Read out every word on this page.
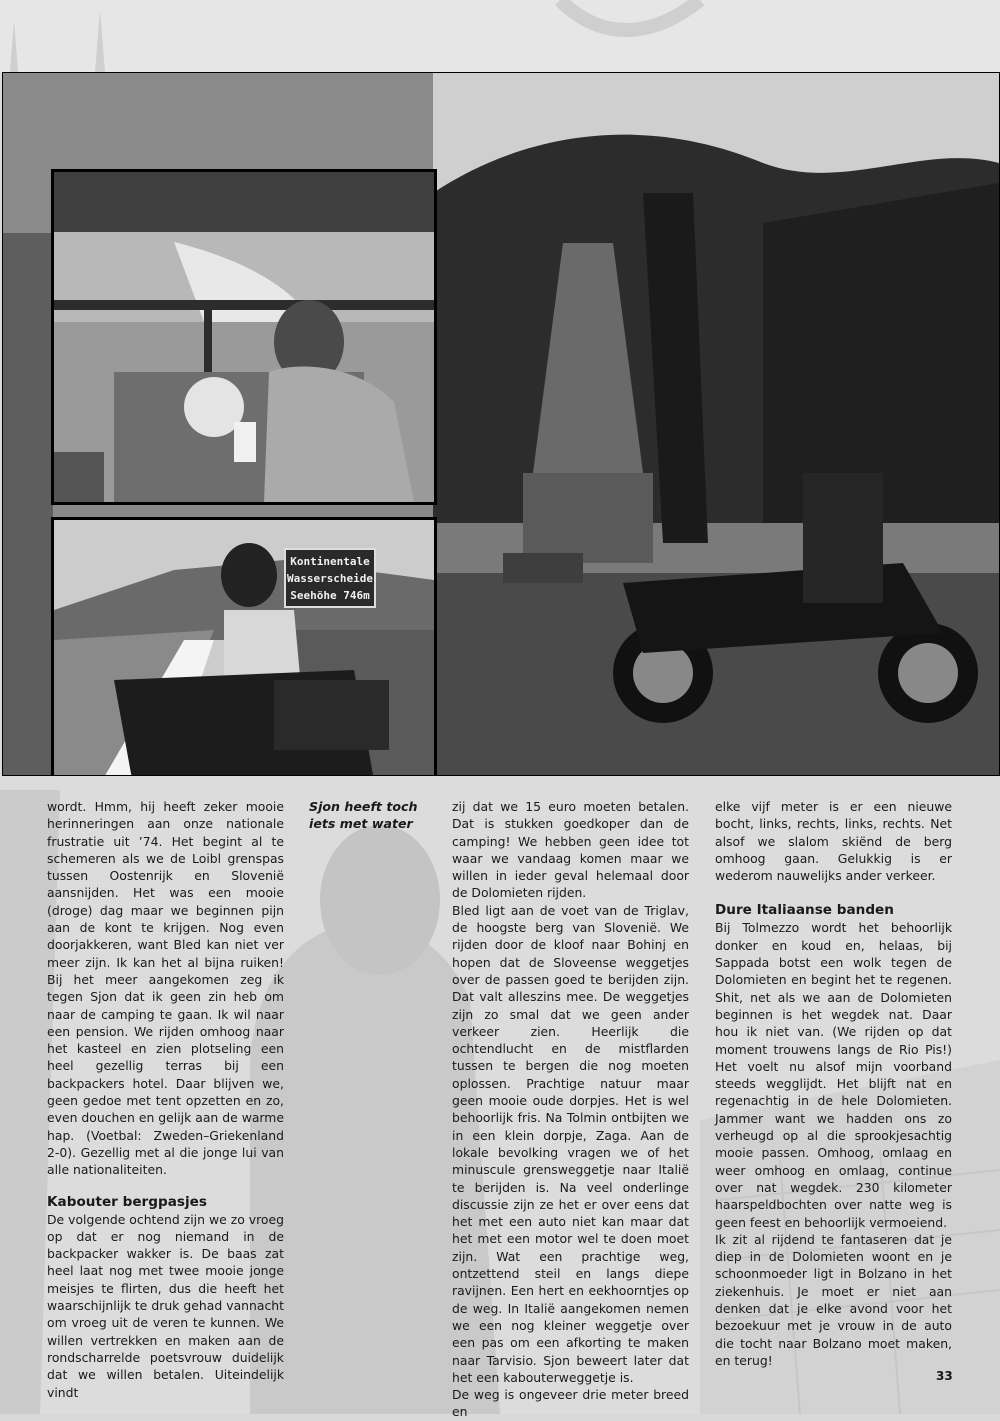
Kontinentale
Wasserscheide
Seehöhe 746m

wordt. Hmm, hij heeft zeker mooie herinneringen aan onze nationale frustratie uit ’74. Het begint al te schemeren als we de Loibl grenspas tussen Oostenrijk en Slovenië aansnijden. Het was een mooie (droge) dag maar we beginnen pijn aan de kont te krijgen. Nog even doorjakkeren, want Bled kan niet ver meer zijn. Ik kan het al bijna ruiken! Bij het meer aangekomen zeg ik tegen Sjon dat ik geen zin heb om naar de camping te gaan. Ik wil naar een pension. We rijden omhoog naar het kasteel en zien plotseling een heel gezellig terras bij een backpackers hotel. Daar blijven we, geen gedoe met tent opzetten en zo, even douchen en gelijk aan de warme hap. (Voetbal: Zweden–Griekenland 2-0). Gezellig met al die jonge lui van alle nationaliteiten.

Kabouter bergpasjes

De volgende ochtend zijn we zo vroeg op dat er nog niemand in de backpacker wakker is. De baas zat heel laat nog met twee mooie jonge meisjes te flirten, dus die heeft het waarschijnlijk te druk gehad vannacht om vroeg uit de veren te kunnen. We willen vertrekken en maken aan de rondscharrelde poetsvrouw duidelijk dat we willen betalen. Uiteindelijk vindt

Sjon heeft toch iets met water

zij dat we 15 euro moeten betalen. Dat is stukken goedkoper dan de camping! We hebben geen idee tot waar we vandaag komen maar we willen in ieder geval helemaal door de Dolomieten rijden.

Bled ligt aan de voet van de Triglav, de hoogste berg van Slovenië. We rijden door de kloof naar Bohinj en hopen dat de Sloveense weggetjes over de passen goed te berijden zijn. Dat valt alleszins mee. De weggetjes zijn zo smal dat we geen ander verkeer zien. Heerlijk die ochtendlucht en de mistflarden tussen te bergen die nog moeten oplossen. Prachtige natuur maar geen mooie oude dorpjes. Het is wel behoorlijk fris. Na Tolmin ontbijten we in een klein dorpje, Zaga. Aan de lokale bevolking vragen we of het minuscule grensweggetje naar Italië te berijden is. Na veel onderlinge discussie zijn ze het er over eens dat het met een auto niet kan maar dat het met een motor wel te doen moet zijn. Wat een prachtige weg, ontzettend steil en langs diepe ravijnen. Een hert en eekhoorntjes op de weg. In Italië aangekomen nemen we een nog kleiner weggetje over een pas om een afkorting te maken naar Tarvisio. Sjon beweert later dat het een kabouterweggetje is.

De weg is ongeveer drie meter breed en

elke vijf meter is er een nieuwe bocht, links, rechts, links, rechts. Net alsof we slalom skiënd de berg omhoog gaan. Gelukkig is er wederom nauwelijks ander verkeer.

Dure Italiaanse banden

Bij Tolmezzo wordt het behoorlijk donker en koud en, helaas, bij Sappada botst een wolk tegen de Dolomieten en begint het te regenen. Shit, net als we aan de Dolomieten beginnen is het wegdek nat. Daar hou ik niet van. (We rijden op dat moment trouwens langs de Rio Pis!) Het voelt nu alsof mijn voorband steeds wegglijdt. Het blijft nat en regenachtig in de hele Dolomieten. Jammer want we hadden ons zo verheugd op al die sprookjesachtig mooie passen. Omhoog, omlaag en weer omhoog en omlaag, continue over nat wegdek. 230 kilometer haarspeldbochten over natte weg is geen feest en behoorlijk vermoeiend.

Ik zit al rijdend te fantaseren dat je diep in de Dolomieten woont en je schoonmoeder ligt in Bolzano in het ziekenhuis. Je moet er niet aan denken dat je elke avond voor het bezoekuur met je vrouw in de auto die tocht naar Bolzano moet maken, en terug!

33
